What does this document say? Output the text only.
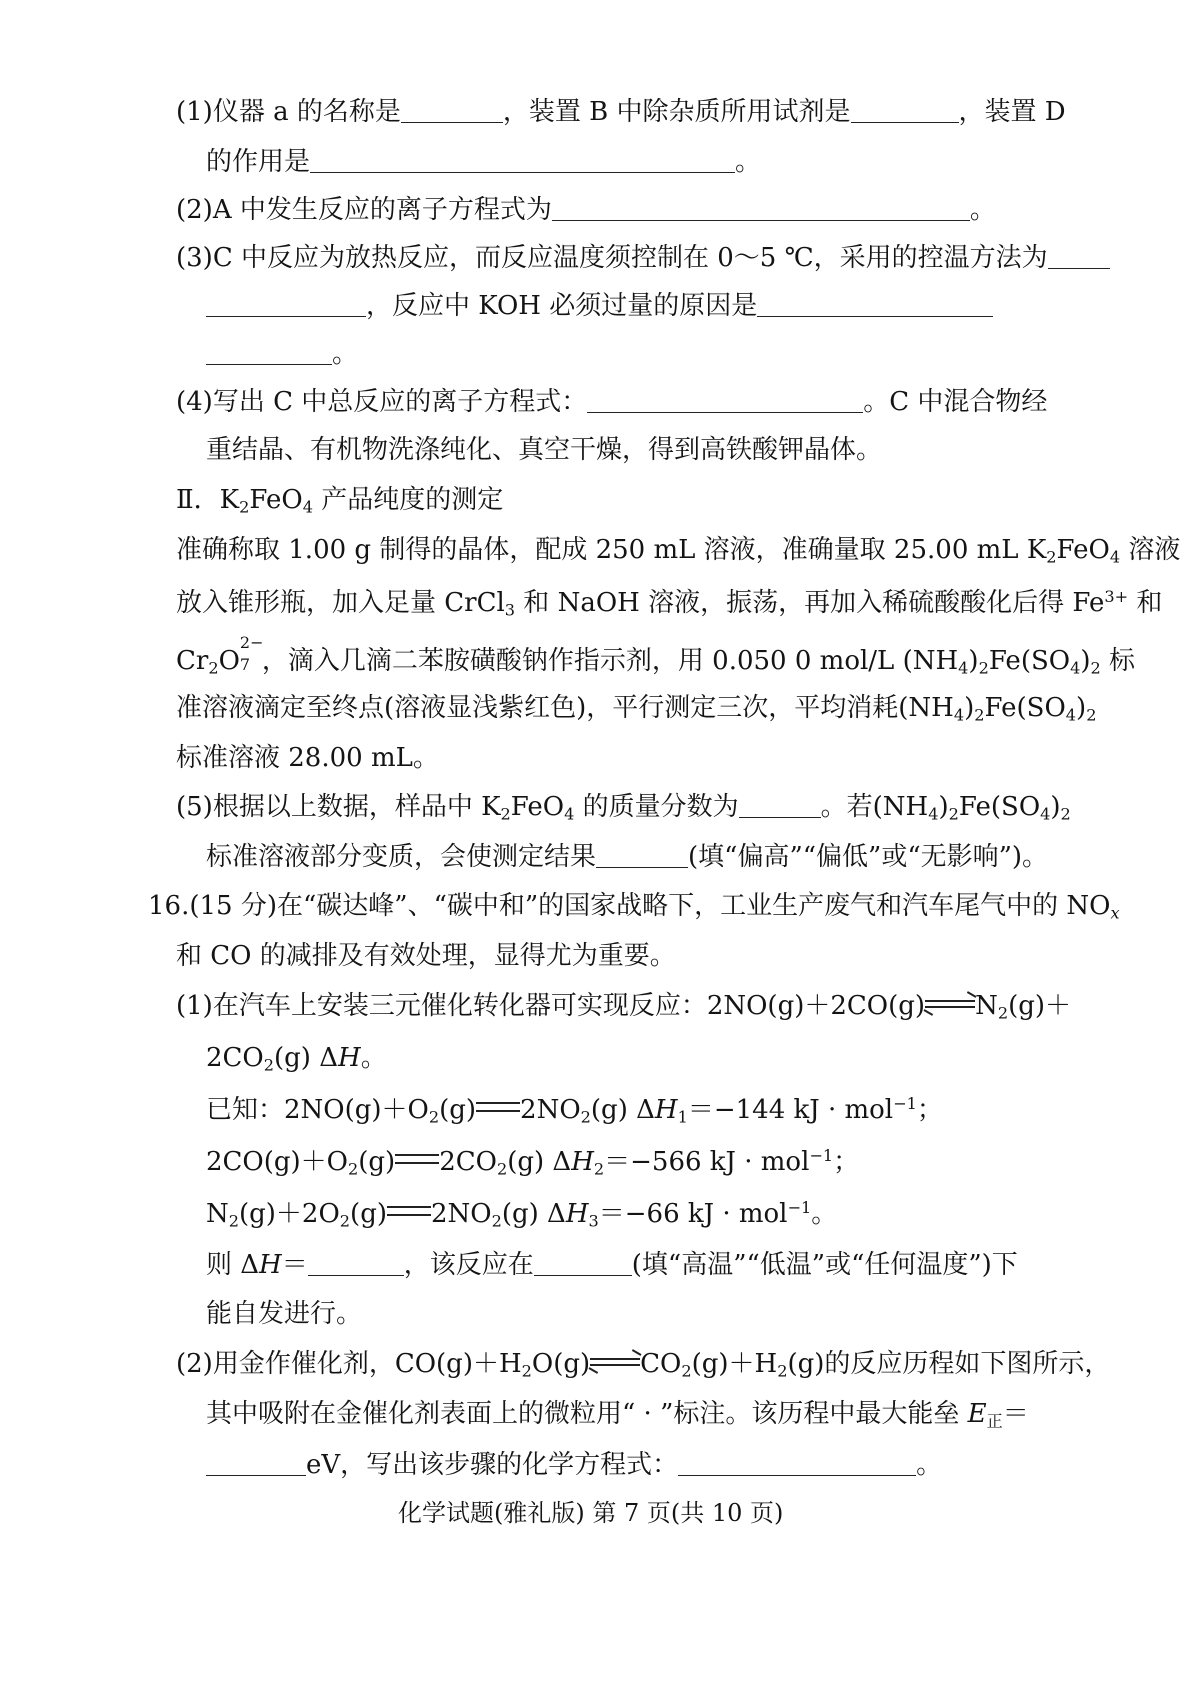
(1)仪器 a 的名称是	，装置 B 中除杂质所用试剂是	，装置 D
的作用是	。
(2)A 中发生反应的离子方程式为	。
(3)C 中反应为放热反应，而反应温度须控制在 0～5 ℃，采用的控温方法为
，反应中 KOH 必须过量的原因是
。
(4)写出 C 中总反应的离子方程式：	。C 中混合物经
重结晶、有机物洗涤纯化、真空干燥，得到高铁酸钾晶体。
Ⅱ．$K_2FeO_4$ 产品纯度的测定
准确称取 1.00 g 制得的晶体，配成 250 mL 溶液，准确量取 25.00 mL $K_2FeO_4$ 溶液
放入锥形瓶，加入足量 CrCl$_3$ 和 NaOH 溶液，振荡，再加入稀硫酸酸化后得 $Fe^{3+}$ 和
$Cr_2O$
2−
7 ，滴入几滴二苯胺磺酸钠作指示剂，用 0.050 0 mol/L $(NH_4)_2Fe(SO_4)_2$ 标
准溶液滴定至终点(溶液显浅紫红色)，平行测定三次，平均消耗$(NH_4)_2Fe(SO_4)_2$
标准溶液 28.00 mL。
(5)根据以上数据，样品中 $K_2FeO_4$ 的质量分数为	。若$(NH_4)_2Fe(SO_4)_2$
标准溶液部分变质，会使测定结果	(填“偏高”“偏低”或“无影响”)。
16.(15 分)在“碳达峰”、“碳中和”的国家战略下，工业生产废气和汽车尾气中的 $NO_x$
和 CO 的减排及有效处理，显得尤为重要。
(1)在汽车上安装三元催化转化器可实现反应：2NO(g)＋2CO(g) $N_2(g)+$
$2CO_2(g)$ ΔH。
已知：$2NO(g)+O_2(g)$ $2NO_2(g)$ $\Delta H_1=-144$ kJ · mol$^{-1}$；
$2CO(g)+O_2(g)$ $2CO_2(g)$ $\Delta H_2=-566$ kJ · mol$^{-1}$；
$N_2(g)+2O_2(g)$ $2NO_2(g)$ $\Delta H_3=-66$ kJ · mol$^{-1}$。
则 ΔH＝	，该反应在	(填“高温”“低温”或“任何温度”)下
能自发进行。
(2)用金作催化剂，$CO(g)+H_2O(g)$ $CO_2(g)+H_2(g)$的反应历程如下图所示，
其中吸附在金催化剂表面上的微粒用“ · ”标注。该历程中最大能垒 $E_正=$
eV，写出该步骤的化学方程式：	。
化学试题(雅礼版) 第 7 页(共 10 页)
